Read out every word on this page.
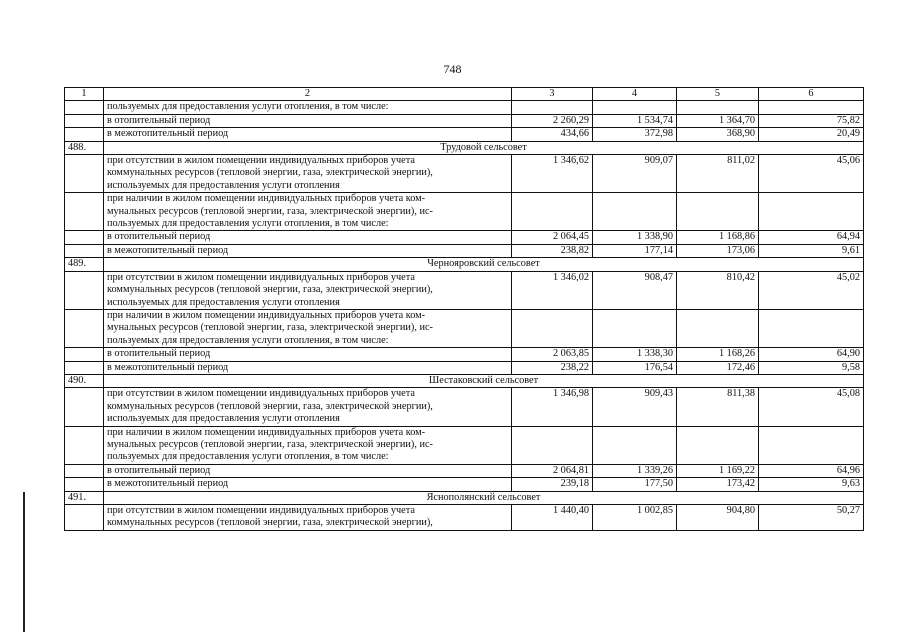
748
1	2	3	4	5	6
	пользуемых для предоставления услуги отопления, в том числе:				
	в отопительный период	2 260,29	1 534,74	1 364,70	75,82
	в межотопительный период	434,66	372,98	368,90	20,49
488.	Трудовой сельсовет				

	при отсутствии в жилом помещении индивидуальных приборов учета
коммунальных ресурсов (тепловой энергии, газа, электрической энергии),
используемых для предоставления услуги отопления	1 346,62	909,07	811,02	45,06

	при наличии в жилом помещении индивидуальных приборов учета ком-
мунальных ресурсов (тепловой энергии, газа, электрической энергии), ис-
пользуемых для предоставления услуги отопления, в том числе:				

	в отопительный период	2 064,45	1 338,90	1 168,86	64,94
	в межотопительный период	238,82	177,14	173,06	9,61
489.	Чернояровский сельсовет				

	при отсутствии в жилом помещении индивидуальных приборов учета
коммунальных ресурсов (тепловой энергии, газа, электрической энергии),
используемых для предоставления услуги отопления	1 346,02	908,47	810,42	45,02

	при наличии в жилом помещении индивидуальных приборов учета ком-
мунальных ресурсов (тепловой энергии, газа, электрической энергии), ис-
пользуемых для предоставления услуги отопления, в том числе:				

	в отопительный период	2 063,85	1 338,30	1 168,26	64,90
	в межотопительный период	238,22	176,54	172,46	9,58
490.	Шестаковский сельсовет				

	при отсутствии в жилом помещении индивидуальных приборов учета
коммунальных ресурсов (тепловой энергии, газа, электрической энергии),
используемых для предоставления услуги отопления	1 346,98	909,43	811,38	45,08

	при наличии в жилом помещении индивидуальных приборов учета ком-
мунальных ресурсов (тепловой энергии, газа, электрической энергии), ис-
пользуемых для предоставления услуги отопления, в том числе:				

	в отопительный период	2 064,81	1 339,26	1 169,22	64,96
	в межотопительный период	239,18	177,50	173,42	9,63
491.	Яснополянский сельсовет				

	при отсутствии в жилом помещении индивидуальных приборов учета
коммунальных ресурсов (тепловой энергии, газа, электрической энергии),	1 440,40	1 002,85	904,80	50,27
